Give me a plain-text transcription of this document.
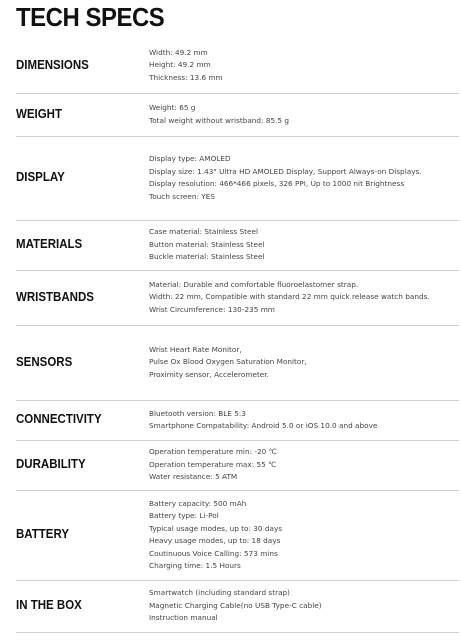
TECH SPECS
DIMENSIONS
Width: 49.2 mm
Height: 49.2 mm
Thickness: 13.6 mm
WEIGHT	Weight: 65 g
Total weight without wristband: 85.5 g
DISPLAY
Display type: AMOLED
Display size: 1.43" Ultra HD AMOLED Display, Support Always-on Displays.
Display resolution: 466*466 pixels, 326 PPI, Up to 1000 nit Brightness
Touch screen: YES
MATERIALS
Case material: Stainless Steel
Button material: Stainless Steel
Buckle material: Stainless Steel
WRISTBANDS
Material: Durable and comfortable fluoroelastomer strap.
Width: 22 mm, Compatible with standard 22 mm quick release watch bands.
Wrist Circumference: 130-235 mm
SENSORS
Wrist Heart Rate Monitor,
Pulse Ox Blood Oxygen Saturation Monitor,
Proximity sensor, Accelerometer.
CONNECTIVITY	Bluetooth version: BLE 5.3
Smartphone Compatability: Android 5.0 or iOS 10.0 and above
DURABILITY
Operation temperature min: -20 ℃
Operation temperature max: 55 ℃
Water resistance: 5 ATM
BATTERY
Battery capacity: 500 mAh
Battery type: Li-Pol
Typical usage modes, up to: 30 days
Heavy usage modes, up to: 18 days
Coutinuous Voice Calling: 573 mins
Charging time: 1.5 Hours
IN THE BOX
Smartwatch (including standard strap)
Magnetic Charging Cable(no USB Type-C cable)
Instruction manual
